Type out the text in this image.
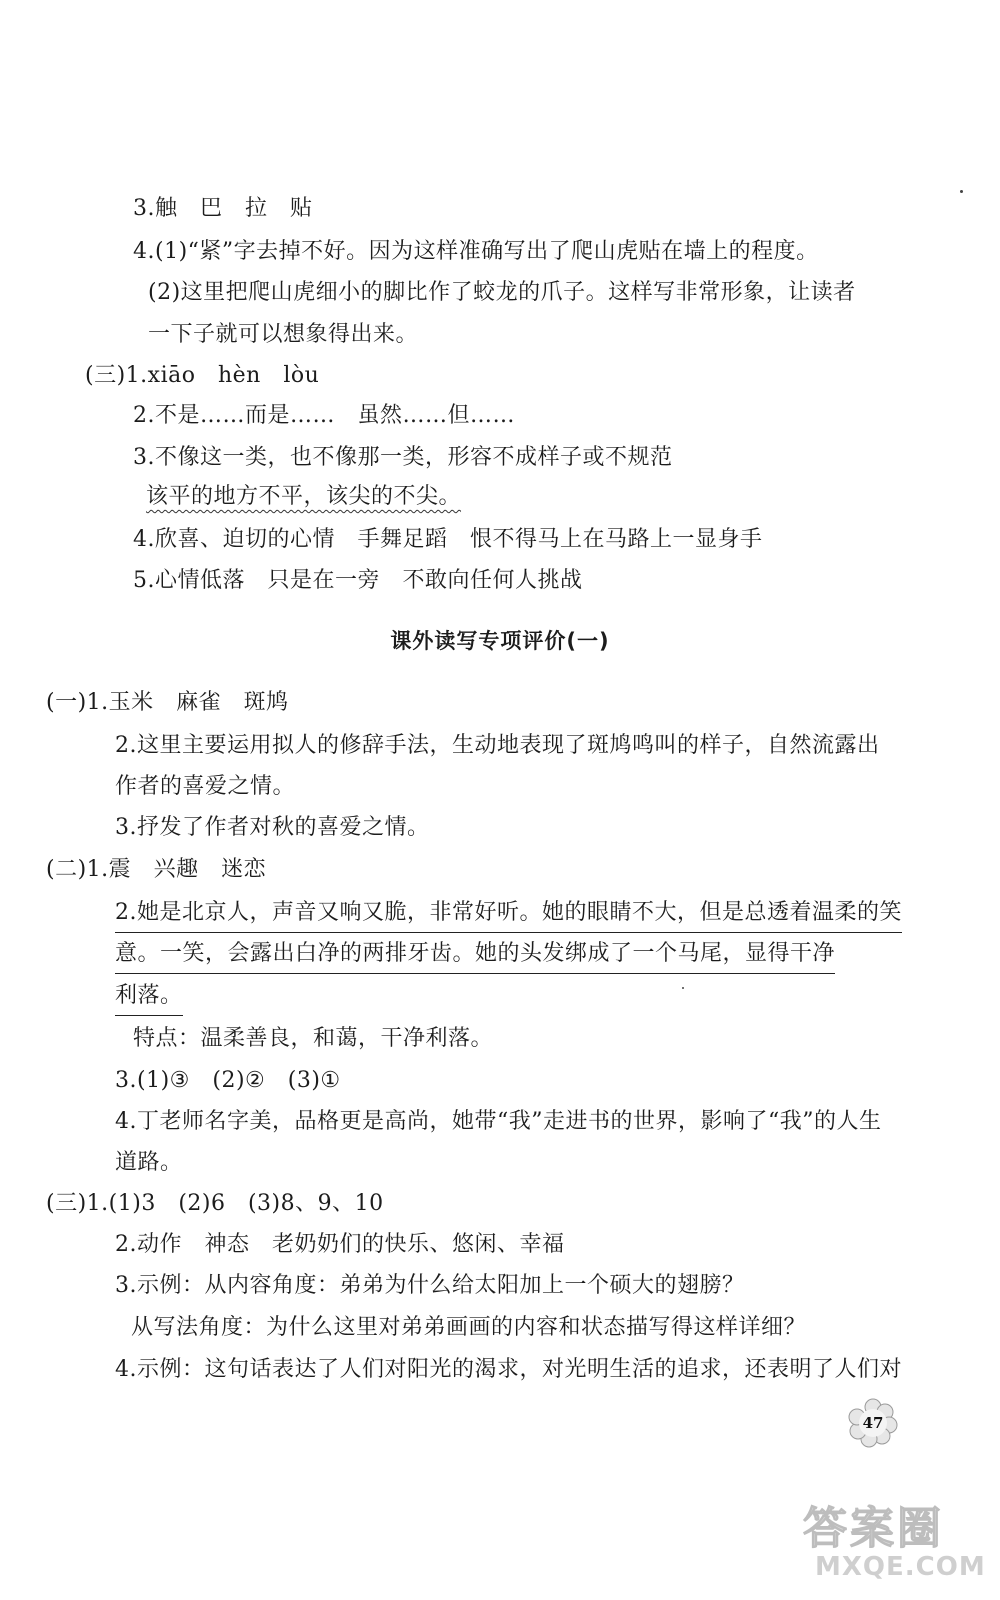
3.触　巴　拉　贴

4.(1)“紧”字去掉不好。因为这样准确写出了爬山虎贴在墙上的程度。

(2)这里把爬山虎细小的脚比作了蛟龙的爪子。这样写非常形象，让读者

一下子就可以想象得出来。

(三)1.xiāo　hèn　lòu

2.不是……而是……　虽然……但……

3.不像这一类，也不像那一类，形容不成样子或不规范

该平的地方不平，该尖的不尖。

4.欣喜、迫切的心情　手舞足蹈　恨不得马上在马路上一显身手

5.心情低落　只是在一旁　不敢向任何人挑战

课外读写专项评价(一)

(一)1.玉米　麻雀　斑鸠

2.这里主要运用拟人的修辞手法，生动地表现了斑鸠鸣叫的样子，自然流露出

作者的喜爱之情。

3.抒发了作者对秋的喜爱之情。

(二)1.震　兴趣　迷恋

2.她是北京人，声音又响又脆，非常好听。她的眼睛不大，但是总透着温柔的笑

意。一笑，会露出白净的两排牙齿。她的头发绑成了一个马尾，显得干净

利落。

特点：温柔善良，和蔼，干净利落。

3.(1)③　(2)②　(3)①

4.丁老师名字美，品格更是高尚，她带“我”走进书的世界，影响了“我”的人生

道路。

(三)1.(1)3　(2)6　(3)8、9、10

2.动作　神态　老奶奶们的快乐、悠闲、幸福

3.示例：从内容角度：弟弟为什么给太阳加上一个硕大的翅膀？

从写法角度：为什么这里对弟弟画画的内容和状态描写得这样详细？

4.示例：这句话表达了人们对阳光的渴求，对光明生活的追求，还表明了人们对

47
答案圈
MXQE.COM
